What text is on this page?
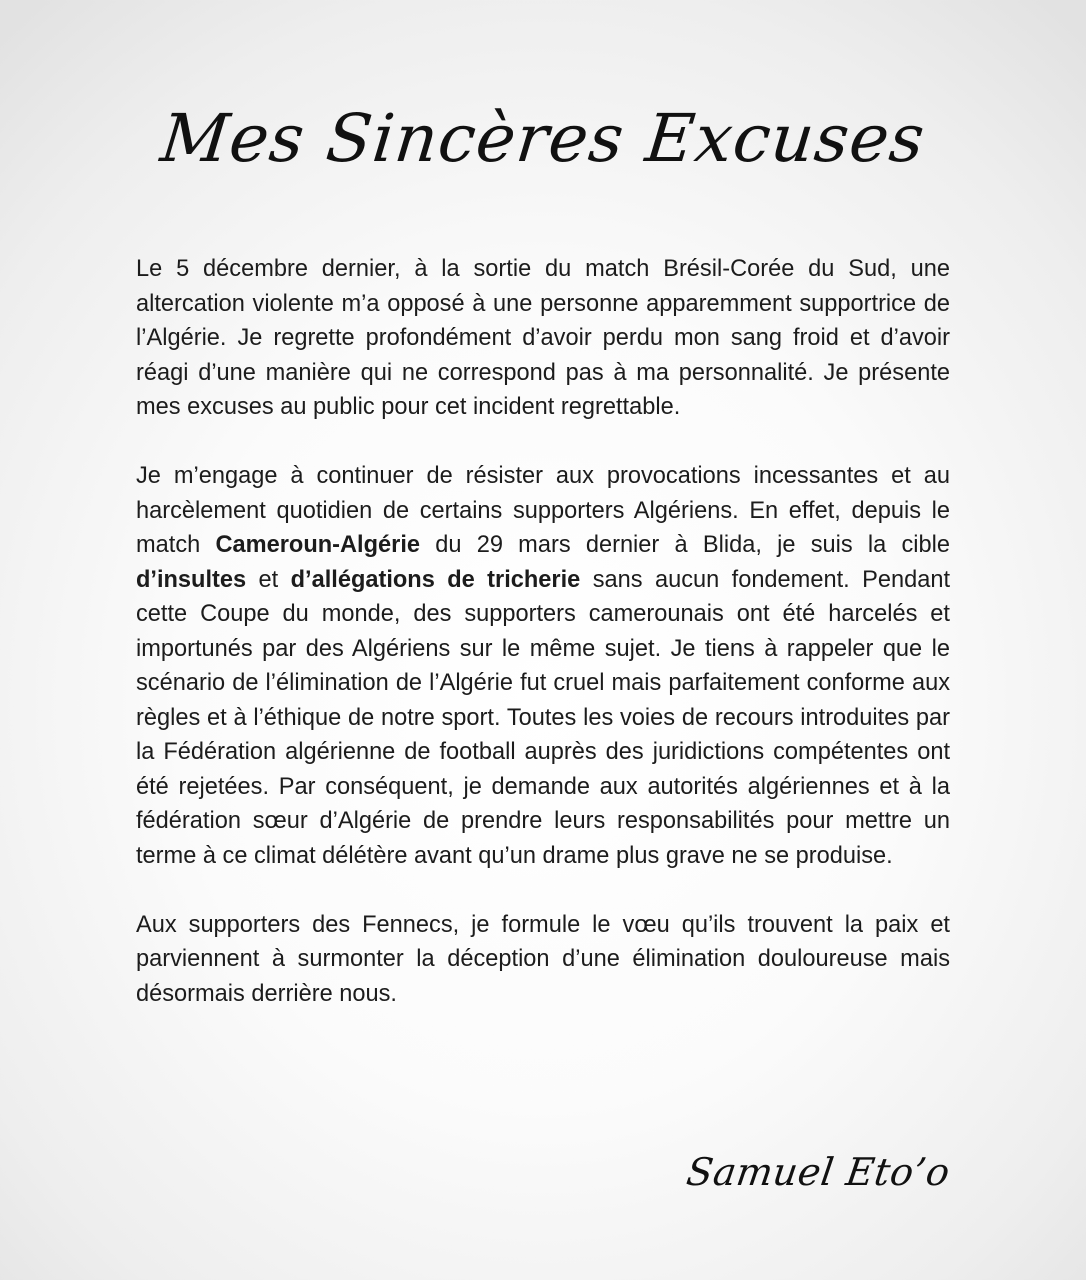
Mes Sincères Excuses

Le 5 décembre dernier, à la sortie du match Brésil-Corée du Sud, une altercation violente m’a opposé à une personne apparemment supportrice de l’Algérie. Je regrette profondément d’avoir perdu mon sang froid et d’avoir réagi d’une manière qui ne correspond pas à ma personnalité. Je présente mes excuses au public pour cet incident regrettable.

Je m’engage à continuer de résister aux provocations incessantes et au harcèlement quotidien de certains supporters Algériens. En effet, depuis le match Cameroun-Algérie du 29 mars dernier à Blida, je suis la cible d’insultes et d’allégations de tricherie sans aucun fondement. Pendant cette Coupe du monde, des supporters camerounais ont été harcelés et importunés par des Algériens sur le même sujet. Je tiens à rappeler que le scénario de l’élimination de l’Algérie fut cruel mais parfaitement conforme aux règles et à l’éthique de notre sport. Toutes les voies de recours introduites par la Fédération algérienne de football auprès des juridictions compétentes ont été rejetées. Par conséquent, je demande aux autorités algériennes et à la fédération sœur d’Algérie de prendre leurs responsabilités pour mettre un terme à ce climat délétère avant qu’un drame plus grave ne se produise.

Aux supporters des Fennecs, je formule le vœu qu’ils trouvent la paix et parviennent à surmonter la déception d’une élimination douloureuse mais désormais derrière nous.

Samuel Eto’o
